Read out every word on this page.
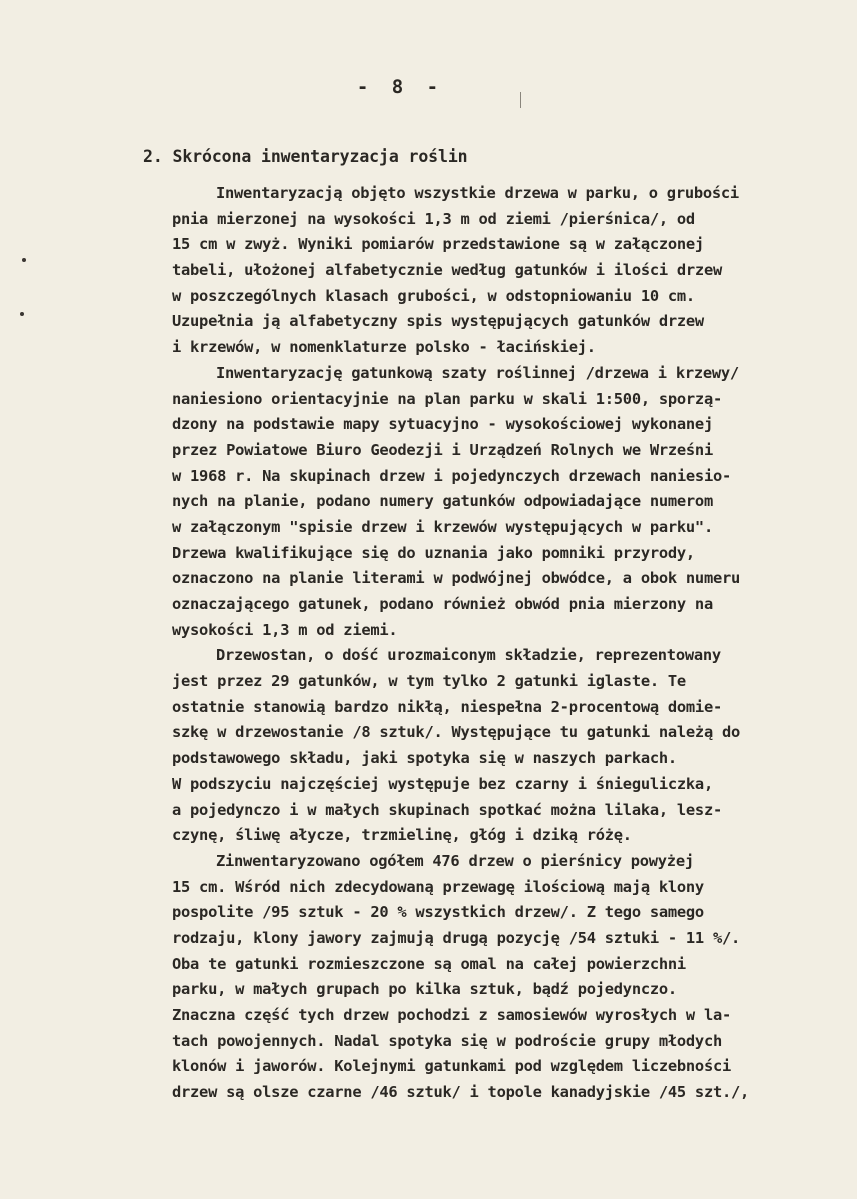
- 8 -
2. Skrócona inwentaryzacja roślin
Inwentaryzacją objęto wszystkie drzewa w parku, o grubości
pnia mierzonej na wysokości 1,3 m od ziemi /pierśnica/, od
15 cm w zwyż. Wyniki pomiarów przedstawione są w załączonej
tabeli, ułożonej alfabetycznie według gatunków i ilości drzew
w poszczególnych klasach grubości, w odstopniowaniu 10 cm.
Uzupełnia ją alfabetyczny spis występujących gatunków drzew
i krzewów, w nomenklaturze polsko - łacińskiej.
Inwentaryzację gatunkową szaty roślinnej /drzewa i krzewy/
naniesiono orientacyjnie na plan parku w skali 1:500, sporzą-
dzony na podstawie mapy sytuacyjno - wysokościowej wykonanej
przez Powiatowe Biuro Geodezji i Urządzeń Rolnych we Wrześni
w 1968 r. Na skupinach drzew i pojedynczych drzewach naniesio-
nych na planie, podano numery gatunków odpowiadające numerom
w załączonym "spisie drzew i krzewów występujących w parku".
Drzewa kwalifikujące się do uznania jako pomniki przyrody,
oznaczono na planie literami w podwójnej obwódce, a obok numeru
oznaczającego gatunek, podano również obwód pnia mierzony na
wysokości 1,3 m od ziemi.
Drzewostan, o dość urozmaiconym składzie, reprezentowany
jest przez 29 gatunków, w tym tylko 2 gatunki iglaste. Te
ostatnie stanowią bardzo nikłą, niespełna 2-procentową domie-
szkę w drzewostanie /8 sztuk/. Występujące tu gatunki należą do
podstawowego składu, jaki spotyka się w naszych parkach.
W podszyciu najczęściej występuje bez czarny i śnieguliczka,
a pojedynczo i w małych skupinach spotkać można lilaka, lesz-
czynę, śliwę ałycze, trzmielinę, głóg i dziką różę.
Zinwentaryzowano ogółem 476 drzew o pierśnicy powyżej
15 cm. Wśród nich zdecydowaną przewagę ilościową mają klony
pospolite /95 sztuk - 20 % wszystkich drzew/. Z tego samego
rodzaju, klony jawory zajmują drugą pozycję /54 sztuki - 11 %/.
Oba te gatunki rozmieszczone są omal na całej powierzchni
parku, w małych grupach po kilka sztuk, bądź pojedynczo.
Znaczna część tych drzew pochodzi z samosiewów wyrosłych w la-
tach powojennych. Nadal spotyka się w podroście grupy młodych
klonów i jaworów. Kolejnymi gatunkami pod względem liczebności
drzew są olsze czarne /46 sztuk/ i topole kanadyjskie /45 szt./,
